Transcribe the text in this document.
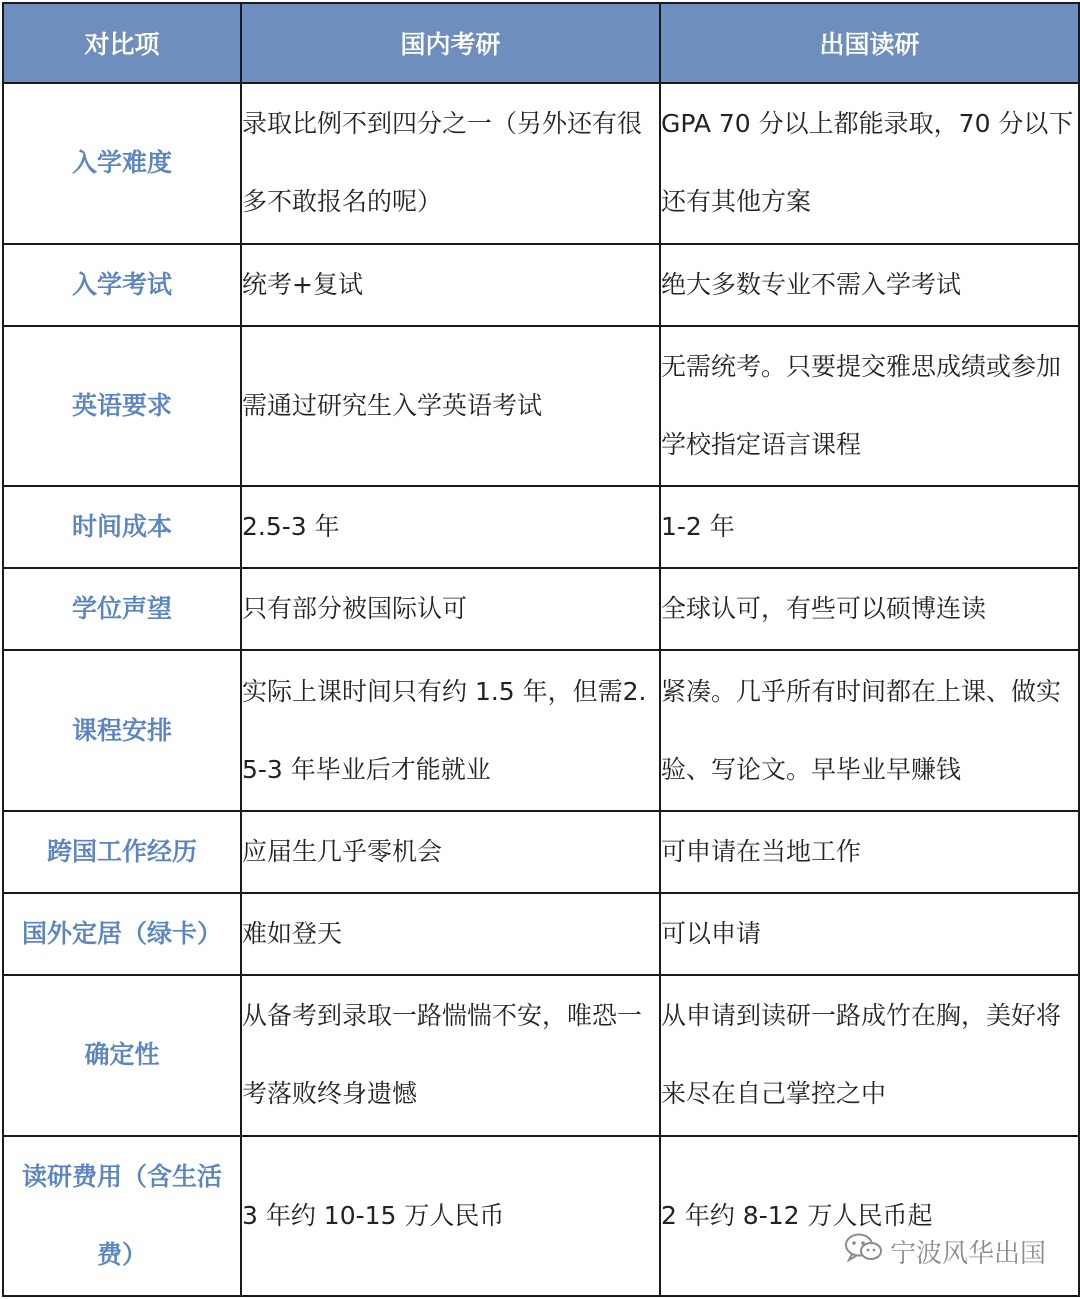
对比项	国内考研	出国读研
入学难度	录取比例不到四分之一（另外还有很多不敢报名的呢）	GPA 70 分以上都能录取，70 分以下还有其他方案
入学考试	统考+复试	绝大多数专业不需入学考试
英语要求	需通过研究生入学英语考试	无需统考。只要提交雅思成绩或参加学校指定语言课程
时间成本	2.5-3 年	1-2 年
学位声望	只有部分被国际认可	全球认可，有些可以硕博连读
课程安排	实际上课时间只有约 1.5 年，但需2.5-3 年毕业后才能就业	紧凑。几乎所有时间都在上课、做实验、写论文。早毕业早赚钱
跨国工作经历	应届生几乎零机会	可申请在当地工作
国外定居（绿卡）	难如登天	可以申请
确定性	从备考到录取一路惴惴不安，唯恐一考落败终身遗憾	从申请到读研一路成竹在胸，美好将来尽在自己掌控之中
读研费用（含生活费）	3 年约 10-15 万人民币	2 年约 8-12 万人民币起
宁波风华出国
